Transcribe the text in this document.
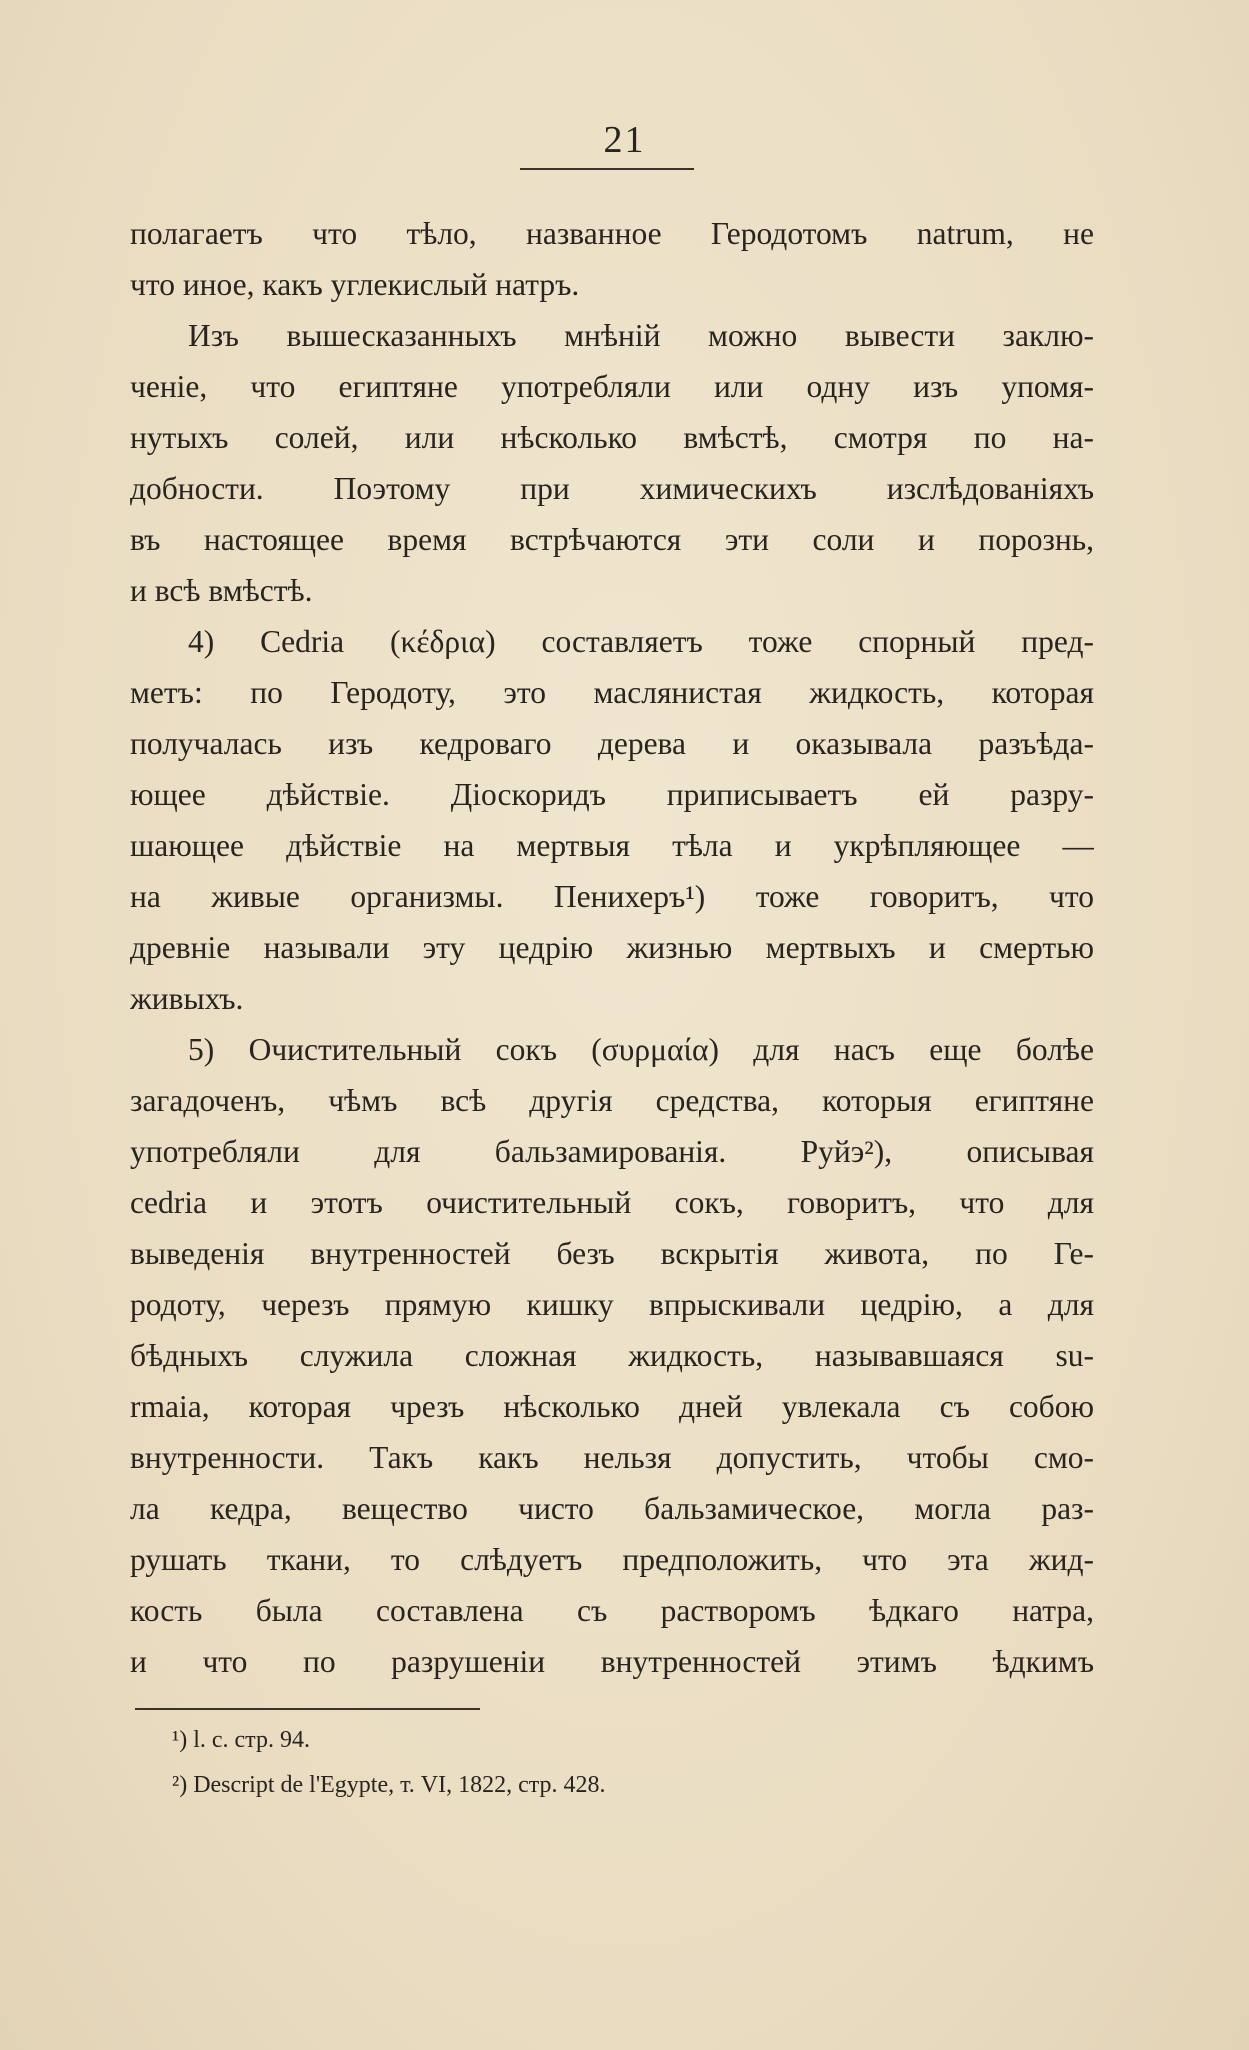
21
полагаетъ что тѣло, названное Геродотомъ natrum, не
что иное, какъ углекислый натръ.
Изъ вышесказанныхъ мнѣній можно вывести заклю-
ченіе, что египтяне употребляли или одну изъ упомя-
нутыхъ солей, или нѣсколько вмѣстѣ, смотря по на-
добности. Поэтому при химическихъ изслѣдованіяхъ
въ настоящее время встрѣчаются эти соли и порознь,
и всѣ вмѣстѣ.
4) Cedria (κέδρια) составляетъ тоже спорный пред-
метъ: по Геродоту, это маслянистая жидкость, которая
получалась изъ кедроваго дерева и оказывала разъѣда-
ющее дѣйствіе. Діоскоридъ приписываетъ ей разру-
шающее дѣйствіе на мертвыя тѣла и укрѣпляющее —
на живые организмы. Пенихеръ¹) тоже говоритъ, что
древніе называли эту цедрію жизнью мертвыхъ и смертью
живыхъ.
5) Очистительный сокъ (συρμαία) для насъ еще болѣе
загадоченъ, чѣмъ всѣ другія средства, которыя египтяне
употребляли для бальзамированія. Руйэ²), описывая
cedria и этотъ очистительный сокъ, говоритъ, что для
выведенія внутренностей безъ вскрытія живота, по Ге-
родоту, черезъ прямую кишку впрыскивали цедрію, а для
бѣдныхъ служила сложная жидкость, называвшаяся su-
rmaia, которая чрезъ нѣсколько дней увлекала съ собою
внутренности. Такъ какъ нельзя допустить, чтобы смо-
ла кедра, вещество чисто бальзамическое, могла раз-
рушать ткани, то слѣдуетъ предположить, что эта жид-
кость была составлена съ растворомъ ѣдкаго натра,
и что по разрушеніи внутренностей этимъ ѣдкимъ
¹) l. c. стр. 94.
²) Descript de l'Egypte, т. VI, 1822, стр. 428.
